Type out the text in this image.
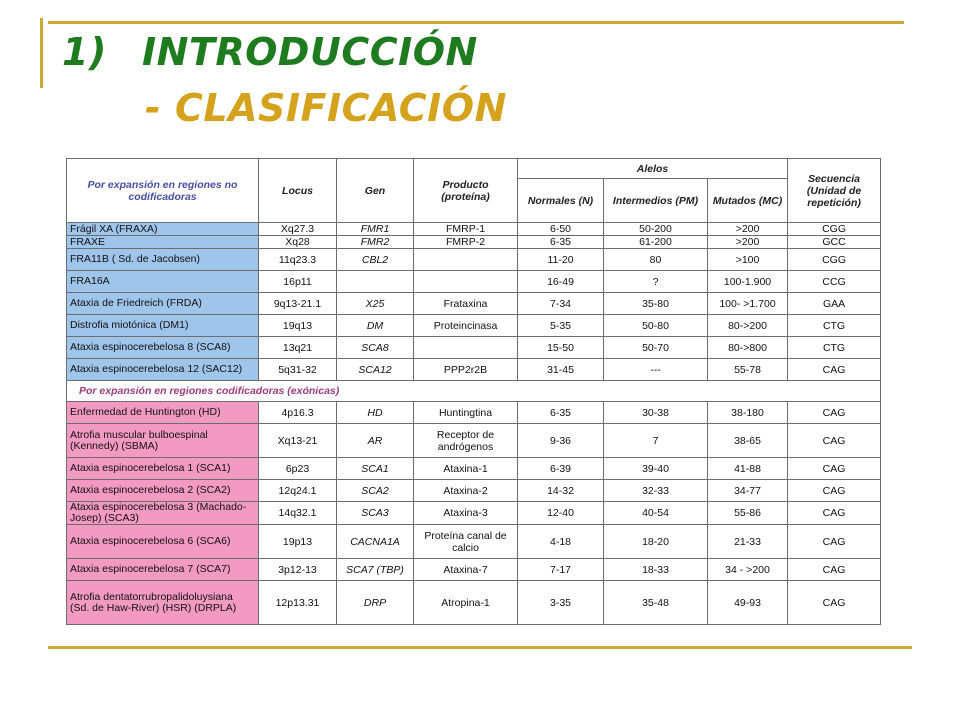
1) INTRODUCCIÓN
- CLASIFICACIÓN
Por expansión en regiones no codificadoras	Locus	Gen	Producto (proteína)	Alelos			Secuencia (Unidad de repetición)
				Normales (N)	Intermedios (PM)	Mutados (MC)	
Frágil XA (FRAXA)	Xq27.3	FMR1	FMRP-1	6-50	50-200	>200	CGG
FRAXE	Xq28	FMR2	FMRP-2	6-35	61-200	>200	GCC
FRA11B ( Sd. de Jacobsen)	11q23.3	CBL2		11-20	80	>100	CGG
FRA16A	16p11			16-49	?	100-1.900	CCG
Ataxia de Friedreich (FRDA)	9q13-21.1	X25	Frataxina	7-34	35-80	100- >1.700	GAA
Distrofia miotónica (DM1)	19q13	DM	Proteincinasa	5-35	50-80	80->200	CTG
Ataxia espinocerebelosa 8 (SCA8)	13q21	SCA8		15-50	50-70	80->800	CTG
Ataxia espinocerebelosa 12 (SAC12)	5q31-32	SCA12	PPP2r2B	31-45	---	55-78	CAG
Por expansión en regiones codificadoras (exónicas)							
Enfermedad de Huntington (HD)	4p16.3	HD	Huntingtina	6-35	30-38	38-180	CAG
Atrofia muscular bulboespinal (Kennedy) (SBMA)	Xq13-21	AR	Receptor de andrógenos	9-36	7	38-65	CAG
Ataxia espinocerebelosa 1 (SCA1)	6p23	SCA1	Ataxina-1	6-39	39-40	41-88	CAG
Ataxia espinocerebelosa 2 (SCA2)	12q24.1	SCA2	Ataxina-2	14-32	32-33	34-77	CAG
Ataxia espinocerebelosa 3 (Machado-Josep) (SCA3)	14q32.1	SCA3	Ataxina-3	12-40	40-54	55-86	CAG
Ataxia espinocerebelosa 6 (SCA6)	19p13	CACNA1A	Proteína canal de calcio	4-18	18-20	21-33	CAG
Ataxia espinocerebelosa 7 (SCA7)	3p12-13	SCA7 (TBP)	Ataxina-7	7-17	18-33	34 - >200	CAG
Atrofia dentatorrubropalidoluysiana (Sd. de Haw-River) (HSR) (DRPLA)	12p13.31	DRP	Atropina-1	3-35	35-48	49-93	CAG
